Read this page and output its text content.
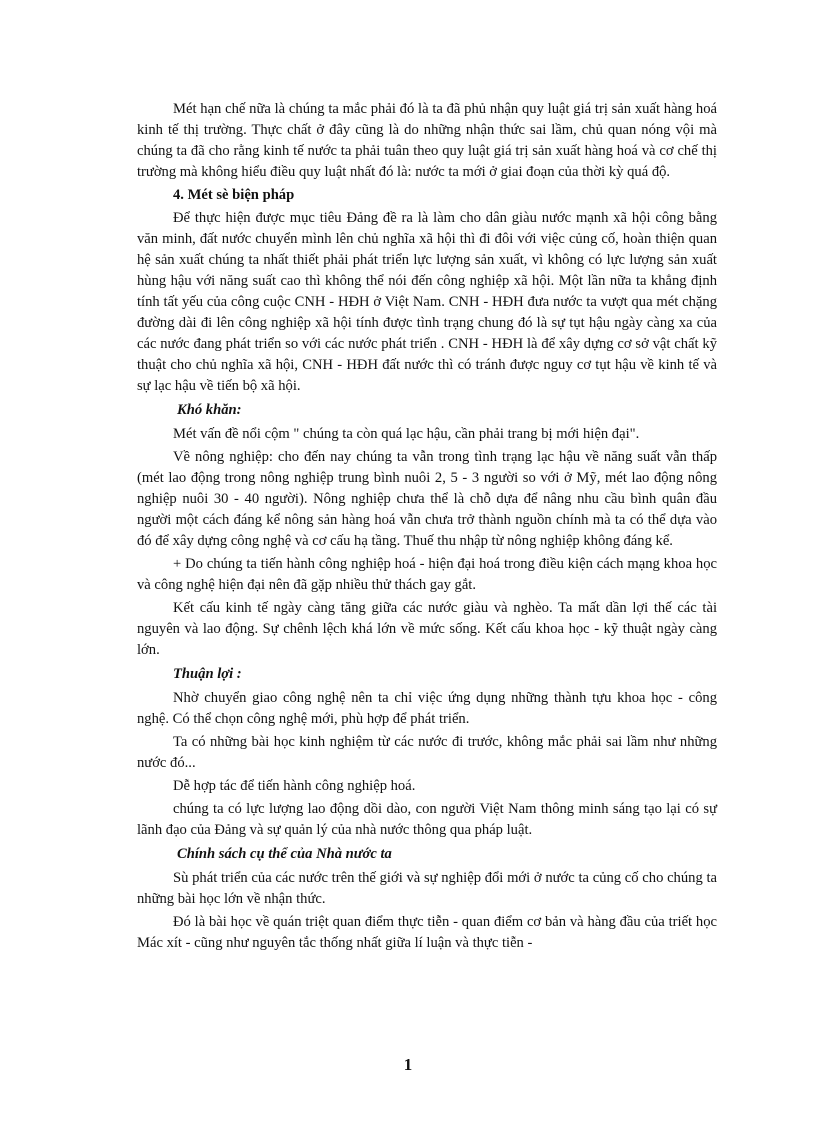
Mét hạn chế nữa là chúng ta mắc phải đó là ta đã phủ nhận quy luật giá trị sản xuất hàng hoá kinh tế thị trường. Thực chất ở đây cũng là do những nhận thức sai lầm, chủ quan nóng vội mà chúng ta đã cho rằng kinh tế nước ta phải tuân theo quy luật giá trị sản xuất hàng hoá và cơ chế thị trường mà không hiểu điều quy luật nhất đó là: nước ta mới ở giai đoạn của thời kỳ quá độ.

4. Mét sè biện pháp

Để thực hiện được mục tiêu Đảng đề ra là làm cho dân giàu nước mạnh xã hội công bằng văn minh, đất nước chuyển mình lên chủ nghĩa xã hội thì đi đôi với việc củng cố, hoàn thiện quan hệ sản xuất chúng ta nhất thiết phải phát triển lực lượng sản xuất, vì không có lực lượng sản xuất hùng hậu với năng suất cao thì không thể nói đến công nghiệp xã hội. Một lần nữa ta khẳng định tính tất yếu của công cuộc CNH - HĐH ở Việt Nam. CNH - HĐH đưa nước ta vượt qua mét chặng đường dài đi lên công nghiệp xã hội tính được tình trạng chung đó là sự tụt hậu ngày càng xa của các nước đang phát triển so với các nước phát triển . CNH - HĐH là để xây dựng cơ sở vật chất kỹ thuật cho chủ nghĩa xã hội, CNH - HĐH đất nước thì có tránh được nguy cơ tụt hậu về kinh tế và sự lạc hậu về tiến bộ xã hội.

Khó khăn:

Mét vấn đề nổi cộm " chúng ta còn quá lạc hậu, cần phải trang bị mới hiện đại".

Về nông nghiệp: cho đến nay chúng ta vẫn trong tình trạng lạc hậu về năng suất vẫn thấp (mét lao động trong nông nghiệp trung bình nuôi 2, 5 - 3 người so với ở Mỹ, mét lao động nông nghiệp nuôi 30 - 40 người). Nông nghiệp chưa thể là chỗ dựa để nâng nhu cầu bình quân đầu người một cách đáng kể nông sản hàng hoá vẫn chưa trở thành nguồn chính mà ta có thể dựa vào đó để xây dựng công nghệ và cơ cấu hạ tầng. Thuế thu nhập từ nông nghiệp không đáng kể.

+ Do chúng ta tiến hành công nghiệp hoá - hiện đại hoá trong điều kiện cách mạng khoa học và công nghệ hiện đại nên đã gặp nhiều thử thách gay gắt.

Kết cấu kinh tế ngày càng tăng giữa các nước giàu và nghèo. Ta mất dần lợi thế các tài nguyên và lao động. Sự chênh lệch khá lớn về mức sống. Kết cấu khoa học - kỹ thuật ngày càng lớn.

Thuận lợi :

Nhờ chuyển giao công nghệ nên ta chỉ việc ứng dụng những thành tựu khoa học - công nghệ. Có thể chọn công nghệ mới, phù hợp để phát triển.

Ta có những bài học kinh nghiệm từ các nước đi trước, không mắc phải sai lầm như những nước đó...

Dễ hợp tác để tiến hành công nghiệp hoá.

chúng ta có lực lượng lao động dồi dào, con người Việt Nam thông minh sáng tạo lại có sự lãnh đạo của Đảng và sự quản lý của nhà nước thông qua pháp luật.

Chính sách cụ thể của Nhà nước ta

Sù phát triển của các nước trên thế giới và sự nghiệp đổi mới ở nước ta củng cố cho chúng ta những bài học lớn về nhận thức.

Đó là bài học về quán triệt quan điểm thực tiễn - quan điểm cơ bản và hàng đầu của triết học Mác xít - cũng như nguyên tắc thống nhất giữa lí luận và thực tiễn -

1
